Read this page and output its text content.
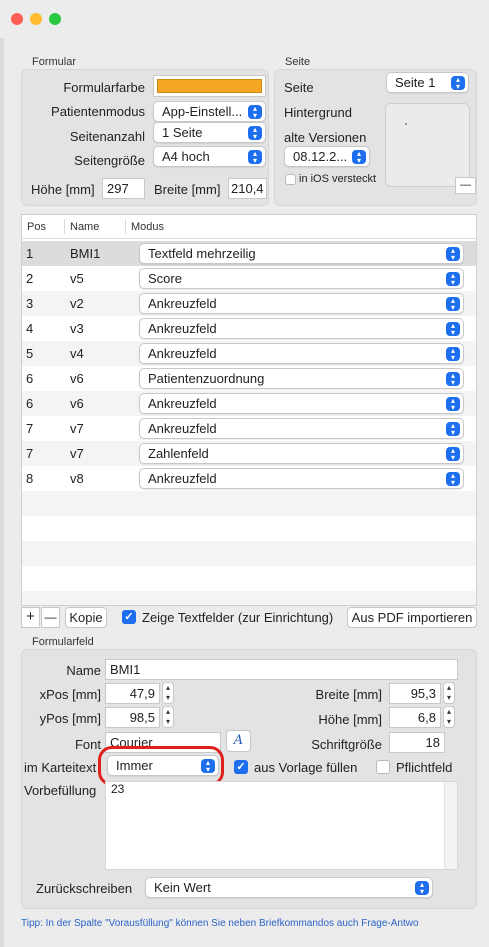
Formular
Formularfarbe
Patientenmodus	App-Einstell...	▴
▾
Seitenanzahl	1 Seite	▴
▾
Seitengröße	A4 hoch	▴
▾
Höhe [mm] 297	Breite [mm] 210,4
Seite
Seite	Seite 1	▴
▾
Hintergrund
alte Versionen
08.12.2...	▴
▾
in iOS versteckt	—
Pos Name	Modus
1	BMI1	Textfeld mehrzeilig	▴
▾
2	v5	Score	▴
▾
3	v2	Ankreuzfeld	▴
▾
4	v3	Ankreuzfeld	▴
▾
5	v4	Ankreuzfeld	▴
▾
6	v6	Patientenzuordnung	▴
▾
6	v6	Ankreuzfeld	▴
▾
7	v7	Ankreuzfeld	▴
▾
7	v7	Zahlenfeld	▴
▾
8	v8	Ankreuzfeld	▴
▾
+ — Kopie	✓ Zeige Textfelder (zur Einrichtung)	Aus PDF importieren
Formularfeld
Name BMI1
xPos [mm]	47,9	▴
▾
yPos [mm]	98,5	▴
▾
Breite [mm]	95,3	▴
▾
Höhe [mm]	6,8	▴
▾
Font Courier	A	Schriftgröße	18
im Karteitext	Immer	▴
▾	✓ aus Vorlage füllen	Pflichtfeld
Vorbefüllung 23
Zurückschreiben	Kein Wert	▴
▾
Tipp: In der Spalte "Vorausfüllung" können Sie neben Briefkommandos auch Frage-Antwo
